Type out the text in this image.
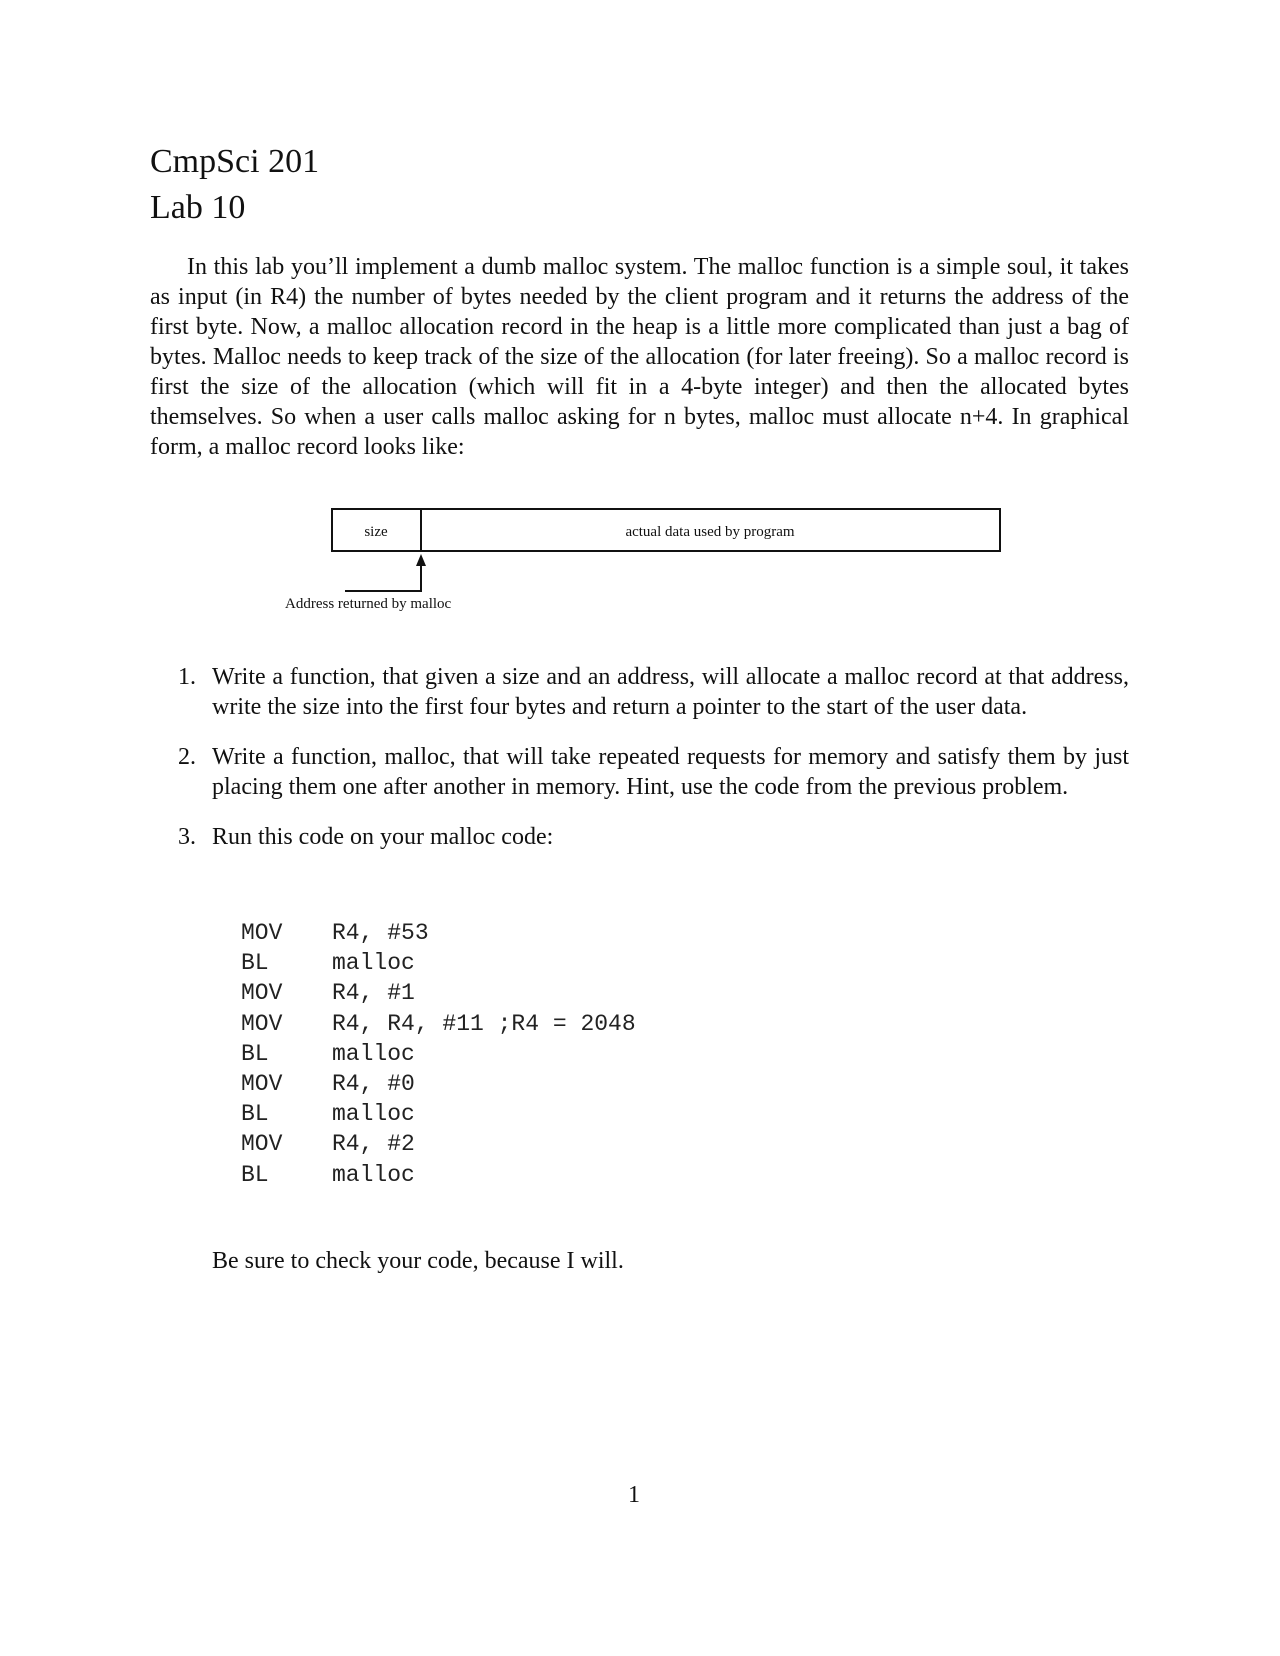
CmpSci 201
Lab 10

In this lab you’ll implement a dumb malloc system. The malloc function is a simple soul, it takes as input (in R4) the number of bytes needed by the client program and it returns the address of the first byte. Now, a malloc allocation record in the heap is a little more complicated than just a bag of bytes. Malloc needs to keep track of the size of the allocation (for later freeing). So a malloc record is first the size of the allocation (which will fit in a 4-byte integer) and then the allocated bytes themselves. So when a user calls malloc asking for n bytes, malloc must allocate n+4. In graphical form, a malloc record looks like:

size	actual data used by program
Address returned by malloc
1. Write a function, that given a size and an address, will allocate a malloc record at that address, write the size into the first four bytes and return a pointer to the start of the user data.
2. Write a function, malloc, that will take repeated requests for memory and satisfy them by just placing them one after another in memory. Hint, use the code from the previous problem.
3. Run this code on your malloc code:
MOV R4, #53
BL	malloc
MOV R4, #1
MOV R4, R4, #11 ;R4 = 2048
BL	malloc
MOV R4, #0
BL	malloc
MOV R4, #2
BL	malloc
Be sure to check your code, because I will.
1
